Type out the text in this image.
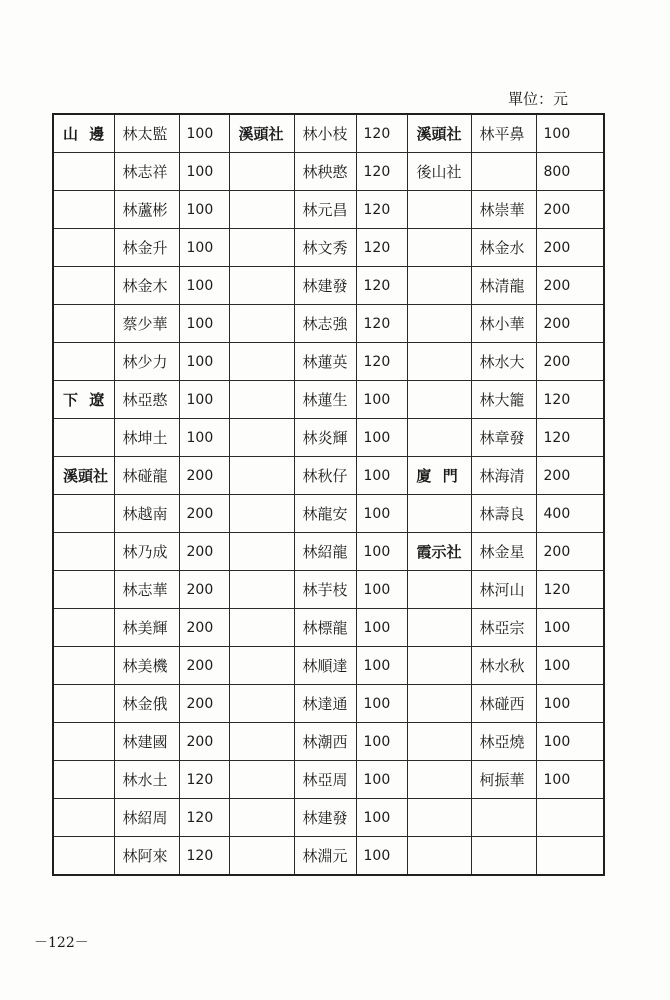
單位：元
山 邊	林太監	100	溪頭社	林小枝	120	溪頭社	林平鼻	100
	林志祥	100		林秧憨	120	後山社		800
	林蘆彬	100		林元昌	120		林崇華	200
	林金升	100		林文秀	120		林金水	200
	林金木	100		林建發	120		林清龍	200
	蔡少華	100		林志強	120		林小華	200
	林少力	100		林蓮英	120		林水大	200
下 遼	林亞憨	100		林蓮生	100		林大籠	120
	林坤土	100		林炎輝	100		林章發	120
溪頭社	林碰龍	200		林秋仔	100	廈 門	林海清	200
	林越南	200		林龍安	100		林壽良	400
	林乃成	200		林紹龍	100	霞示社	林金星	200
	林志華	200		林芋枝	100		林河山	120
	林美輝	200		林標龍	100		林亞宗	100
	林美機	200		林順達	100		林水秋	100
	林金俄	200		林達通	100		林碰西	100
	林建國	200		林潮西	100		林亞燒	100
	林水土	120		林亞周	100		柯振華	100
	林紹周	120		林建發	100			
	林阿來	120		林淵元	100			
－122－
